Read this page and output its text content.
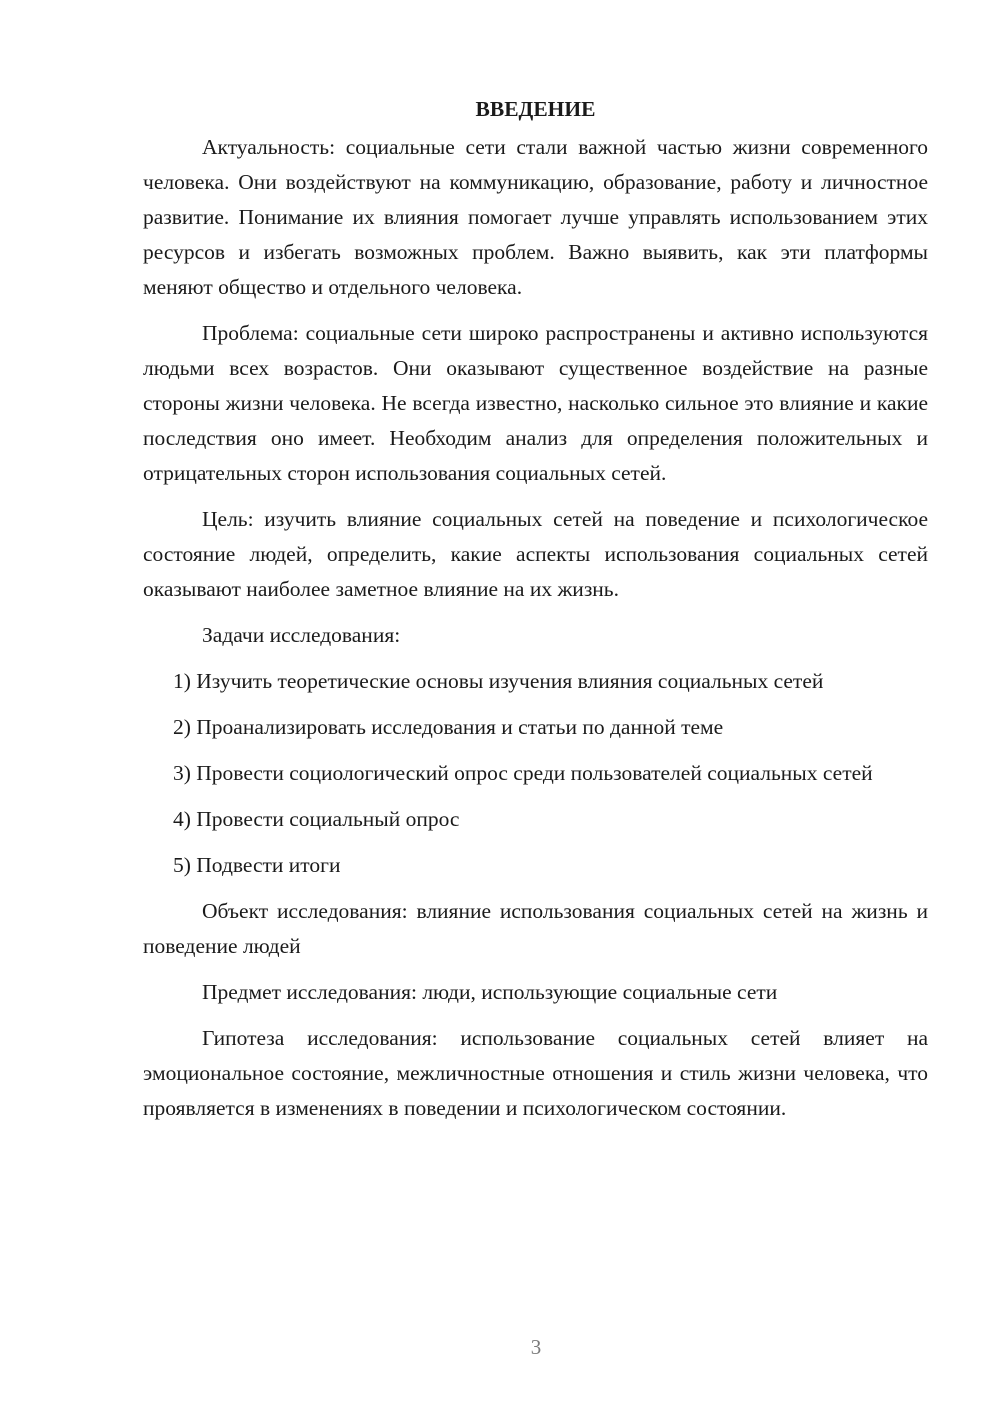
ВВЕДЕНИЕ

Актуальность: социальные сети стали важной частью жизни современного человека. Они воздействуют на коммуникацию, образование, работу и личностное развитие. Понимание их влияния помогает лучше управлять использованием этих ресурсов и избегать возможных проблем. Важно выявить, как эти платформы меняют общество и отдельного человека.

Проблема: социальные сети широко распространены и активно используются людьми всех возрастов. Они оказывают существенное воздействие на разные стороны жизни человека. Не всегда известно, насколько сильное это влияние и какие последствия оно имеет. Необходим анализ для определения положительных и отрицательных сторон использования социальных сетей.

Цель: изучить влияние социальных сетей на поведение и психологическое состояние людей, определить, какие аспекты использования социальных сетей оказывают наиболее заметное влияние на их жизнь.

Задачи исследования:

1) Изучить теоретические основы изучения влияния социальных сетей

2) Проанализировать исследования и статьи по данной теме

3) Провести социологический опрос среди пользователей социальных сетей

4) Провести социальный опрос

5) Подвести итоги

Объект исследования: влияние использования социальных сетей на жизнь и поведение людей

Предмет исследования: люди, использующие социальные сети

Гипотеза исследования: использование социальных сетей влияет на эмоциональное состояние, межличностные отношения и стиль жизни человека, что проявляется в изменениях в поведении и психологическом состоянии.

3
